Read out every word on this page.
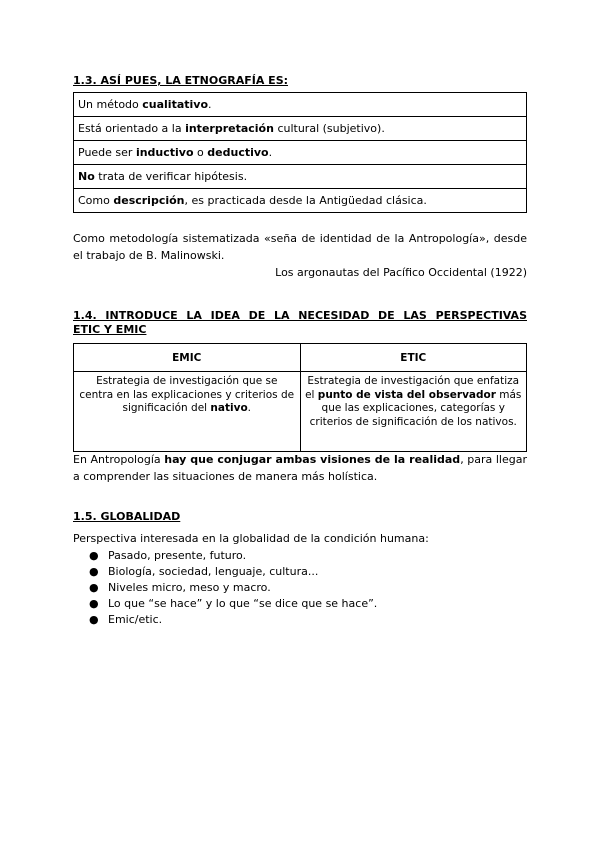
1.3. ASÍ PUES, LA ETNOGRAFÍA ES:
Un método cualitativo.
Está orientado a la interpretación cultural (subjetivo).
Puede ser inductivo o deductivo.
No trata de verificar hipótesis.
Como descripción, es practicada desde la Antigüedad clásica.
Como metodología sistematizada «seña de identidad de la Antropología», desde el trabajo de B. Malinowski.
Los argonautas del Pacífico Occidental (1922)
1.4. INTRODUCE LA IDEA DE LA NECESIDAD DE LAS PERSPECTIVAS
ETIC Y EMIC
EMIC	ETIC
Estrategia de investigación que se centra en las explicaciones y criterios de significación del nativo.	Estrategia de investigación que enfatiza el punto de vista del observador más que las explicaciones, categorías y criterios de significación de los nativos.
En Antropología hay que conjugar ambas visiones de la realidad, para llegar a comprender las situaciones de manera más holística.
1.5. GLOBALIDAD
Perspectiva interesada en la globalidad de la condición humana:
● Pasado, presente, futuro.
● Biología, sociedad, lenguaje, cultura...
● Niveles micro, meso y macro.
● Lo que “se hace” y lo que “se dice que se hace”.
● Emic/etic.
